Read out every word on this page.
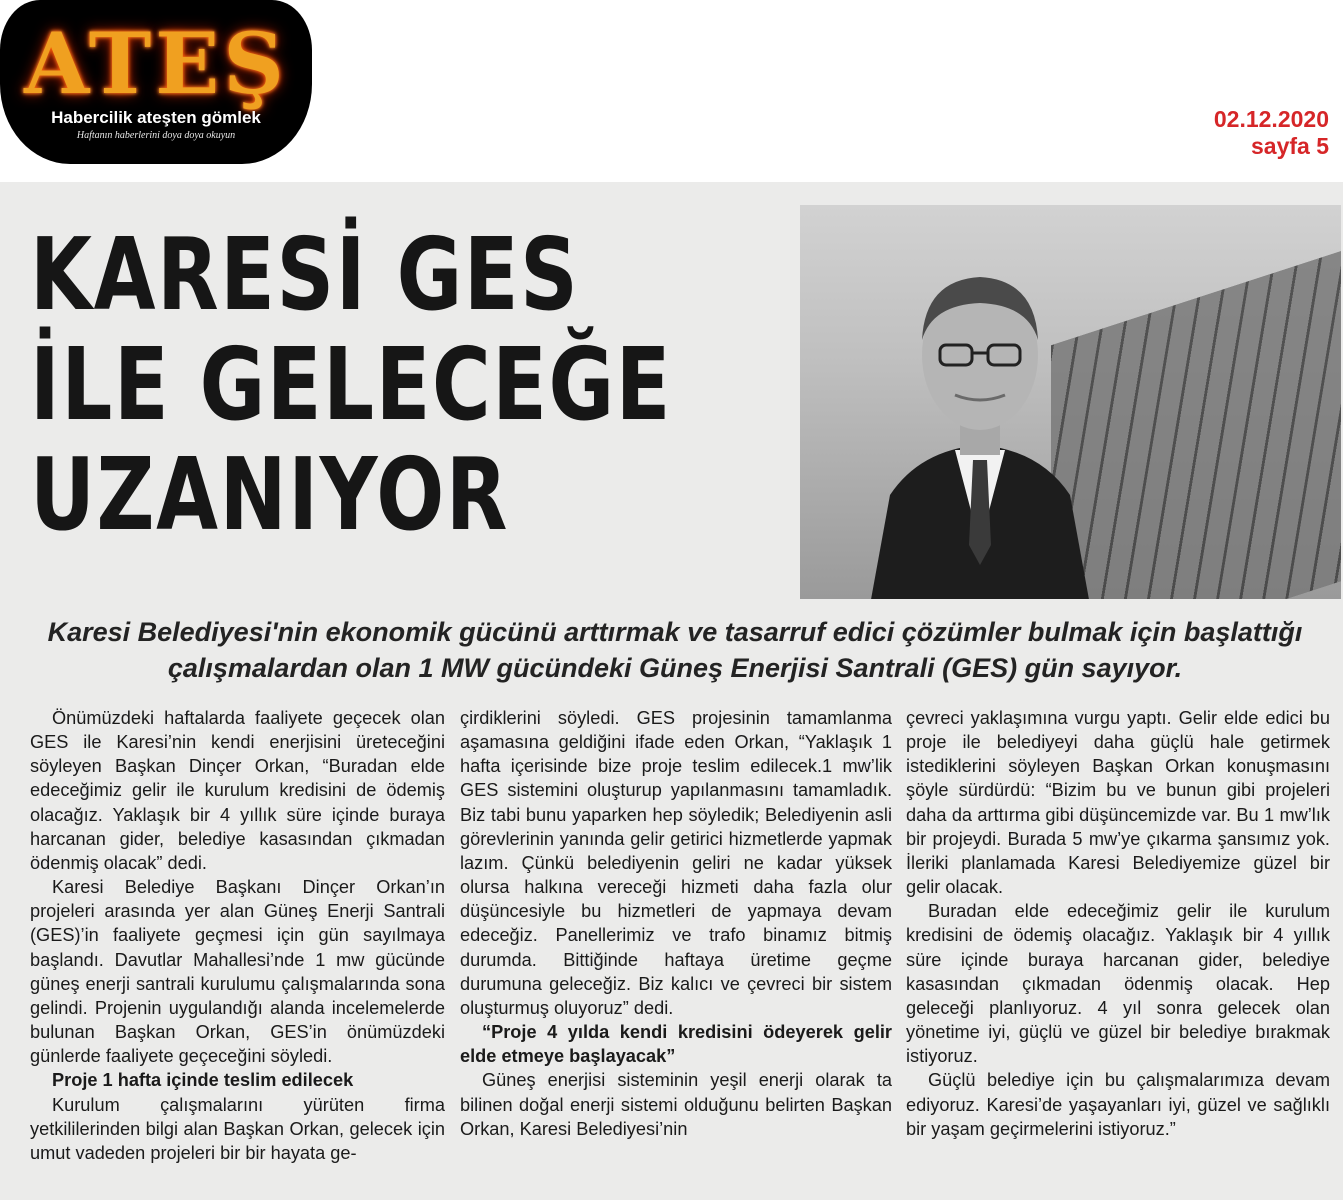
ATEŞ
Habercilik ateşten gömlek
Haftanın haberlerini doya doya okuyun
02.12.2020
sayfa 5
KARESİ GES
İLE GELECEĞE
UZANIYOR
Karesi Belediyesi'nin ekonomik gücünü arttırmak ve tasarruf edici çözümler bulmak için başlattığı çalışmalardan olan 1 MW gücündeki Güneş Enerjisi Santrali (GES) gün sayıyor.

Önümüzdeki haftalarda faaliyete geçecek olan GES ile Karesi’nin kendi enerjisini üreteceğini söyleyen Başkan Dinçer Orkan, “Buradan elde edeceğimiz gelir ile kurulum kredisini de ödemiş olacağız. Yaklaşık bir 4 yıllık süre içinde buraya harcanan gider, belediye kasasından çıkmadan ödenmiş olacak” dedi.

Karesi Belediye Başkanı Dinçer Orkan’ın projeleri arasında yer alan Güneş Enerji Santrali (GES)’in faaliyete geçmesi için gün sayılmaya başlandı. Davutlar Mahallesi’nde 1 mw gücünde güneş enerji santrali kurulumu çalışmalarında sona gelindi. Projenin uygulandığı alanda incelemelerde bulunan Başkan Orkan, GES’in önümüzdeki günlerde faaliyete geçeceğini söyledi.

Proje 1 hafta içinde teslim edilecek

Kurulum çalışmalarını yürüten firma yetkililerinden bilgi alan Başkan Orkan, gelecek için umut vadeden projeleri bir bir hayata ge-

çirdiklerini söyledi. GES projesinin tamamlanma aşamasına geldiğini ifade eden Orkan, “Yaklaşık 1 hafta içerisinde bize proje teslim edilecek.1 mw’lik GES sistemini oluşturup yapılanmasını tamamladık. Biz tabi bunu yaparken hep söyledik; Belediyenin asli görevlerinin yanında gelir getirici hizmetlerde yapmak lazım. Çünkü belediyenin geliri ne kadar yüksek olursa halkına vereceği hizmeti daha fazla olur düşüncesiyle bu hizmetleri de yapmaya devam edeceğiz. Panellerimiz ve trafo binamız bitmiş durumda. Bittiğinde haftaya üretime geçme durumuna geleceğiz. Biz kalıcı ve çevreci bir sistem oluşturmuş oluyoruz” dedi.

“Proje 4 yılda kendi kredisini ödeyerek gelir elde etmeye başlayacak”

Güneş enerjisi sisteminin yeşil enerji olarak ta bilinen doğal enerji sistemi olduğunu belirten Başkan Orkan, Karesi Belediyesi’nin

çevreci yaklaşımına vurgu yaptı. Gelir elde edici bu proje ile belediyeyi daha güçlü hale getirmek istediklerini söyleyen Başkan Orkan konuşmasını şöyle sürdürdü: “Bizim bu ve bunun gibi projeleri daha da arttırma gibi düşüncemizde var. Bu 1 mw’lık bir projeydi. Burada 5 mw’ye çıkarma şansımız yok. İleriki planlamada Karesi Belediyemize güzel bir gelir olacak.

Buradan elde edeceğimiz gelir ile kurulum kredisini de ödemiş olacağız. Yaklaşık bir 4 yıllık süre içinde buraya harcanan gider, belediye kasasından çıkmadan ödenmiş olacak. Hep geleceği planlıyoruz. 4 yıl sonra gelecek olan yönetime iyi, güçlü ve güzel bir belediye bırakmak istiyoruz.

Güçlü belediye için bu çalışmalarımıza devam ediyoruz. Karesi’de yaşayanları iyi, güzel ve sağlıklı bir yaşam geçirmelerini istiyoruz.”
